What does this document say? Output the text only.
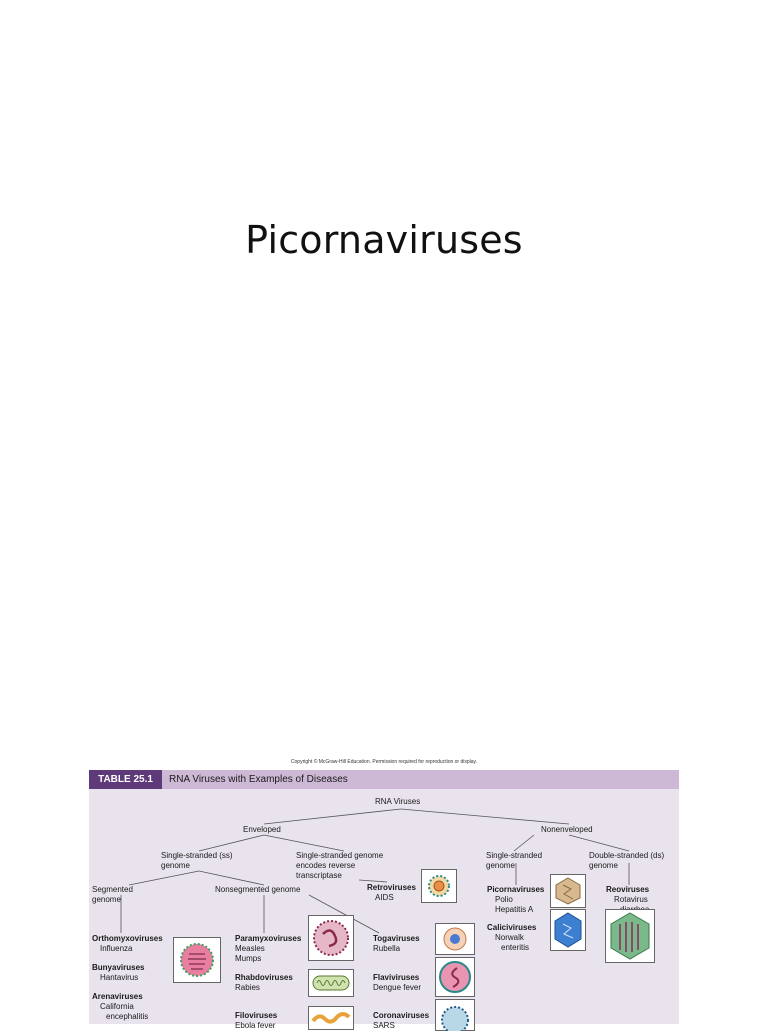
Picornaviruses
Copyright © McGraw-Hill Education. Permission required for reproduction or display.
TABLE 25.1	RNA Viruses with Examples of Diseases
RNA Viruses
Enveloped	Nonenveloped
Single-stranded (ss)
genome
Single-stranded genome
encodes reverse
transcriptase
Single-stranded
genome
Double-stranded (ds)
genome
Segmented
genome
Nonsegmented genome	Retroviruses
AIDS
Picornaviruses
Polio
Hepatitis A
Caliciviruses
Norwalk
enteritis
Reoviruses
Rotavirus

Orthomyxoviruses
Influenza
Bunyaviruses
Hantavirus
Arenaviruses
California
encephalitis
Paramyxoviruses
Measles
Mumps
Rhabdoviruses
Rabies
Filoviruses
Ebola fever
Togaviruses
Rubella
Flaviviruses
Dengue fever
Coronaviruses
SARS
